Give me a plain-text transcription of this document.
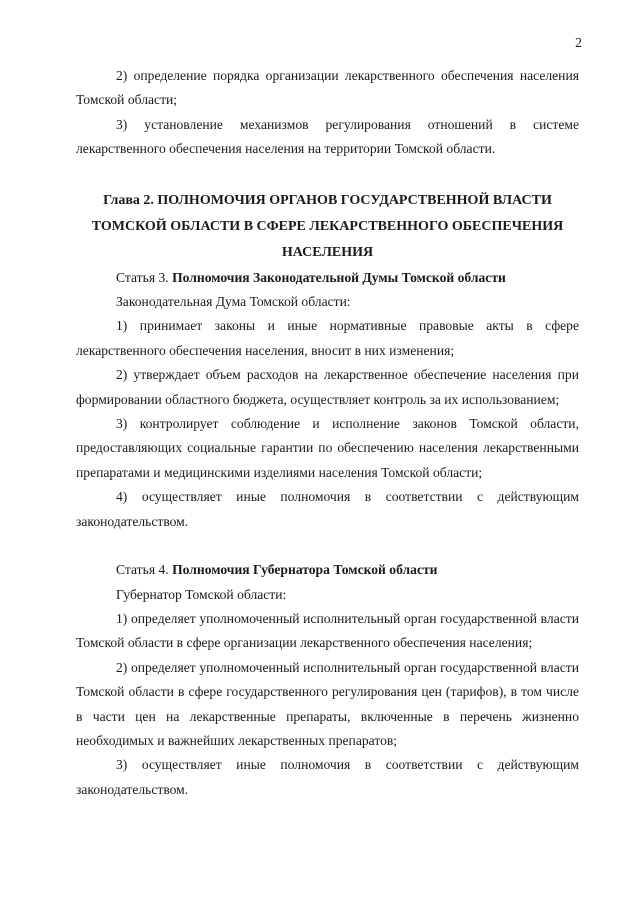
2

2) определение порядка организации лекарственного обеспечения населения Томской области;

3) установление механизмов регулирования отношений в системе лекарственного обеспечения населения на территории Томской области.

Глава 2. ПОЛНОМОЧИЯ ОРГАНОВ ГОСУДАРСТВЕННОЙ ВЛАСТИ ТОМСКОЙ ОБЛАСТИ В СФЕРЕ ЛЕКАРСТВЕННОГО ОБЕСПЕЧЕНИЯ НАСЕЛЕНИЯ

Статья 3. Полномочия Законодательной Думы Томской области

Законодательная Дума Томской области:

1) принимает законы и иные нормативные правовые акты в сфере лекарственного обеспечения населения, вносит в них изменения;

2) утверждает объем расходов на лекарственное обеспечение населения при формировании областного бюджета, осуществляет контроль за их использованием;

3) контролирует соблюдение и исполнение законов Томской области, предоставляющих социальные гарантии по обеспечению населения лекарственными препаратами и медицинскими изделиями населения Томской области;

4) осуществляет иные полномочия в соответствии с действующим законодательством.

Статья 4. Полномочия Губернатора Томской области

Губернатор Томской области:

1) определяет уполномоченный исполнительный орган государственной власти Томской области в сфере организации лекарственного обеспечения населения;

2) определяет уполномоченный исполнительный орган государственной власти Томской области в сфере государственного регулирования цен (тарифов), в том числе в части цен на лекарственные препараты, включенные в перечень жизненно необходимых и важнейших лекарственных препаратов;

3) осуществляет иные полномочия в соответствии с действующим законодательством.
